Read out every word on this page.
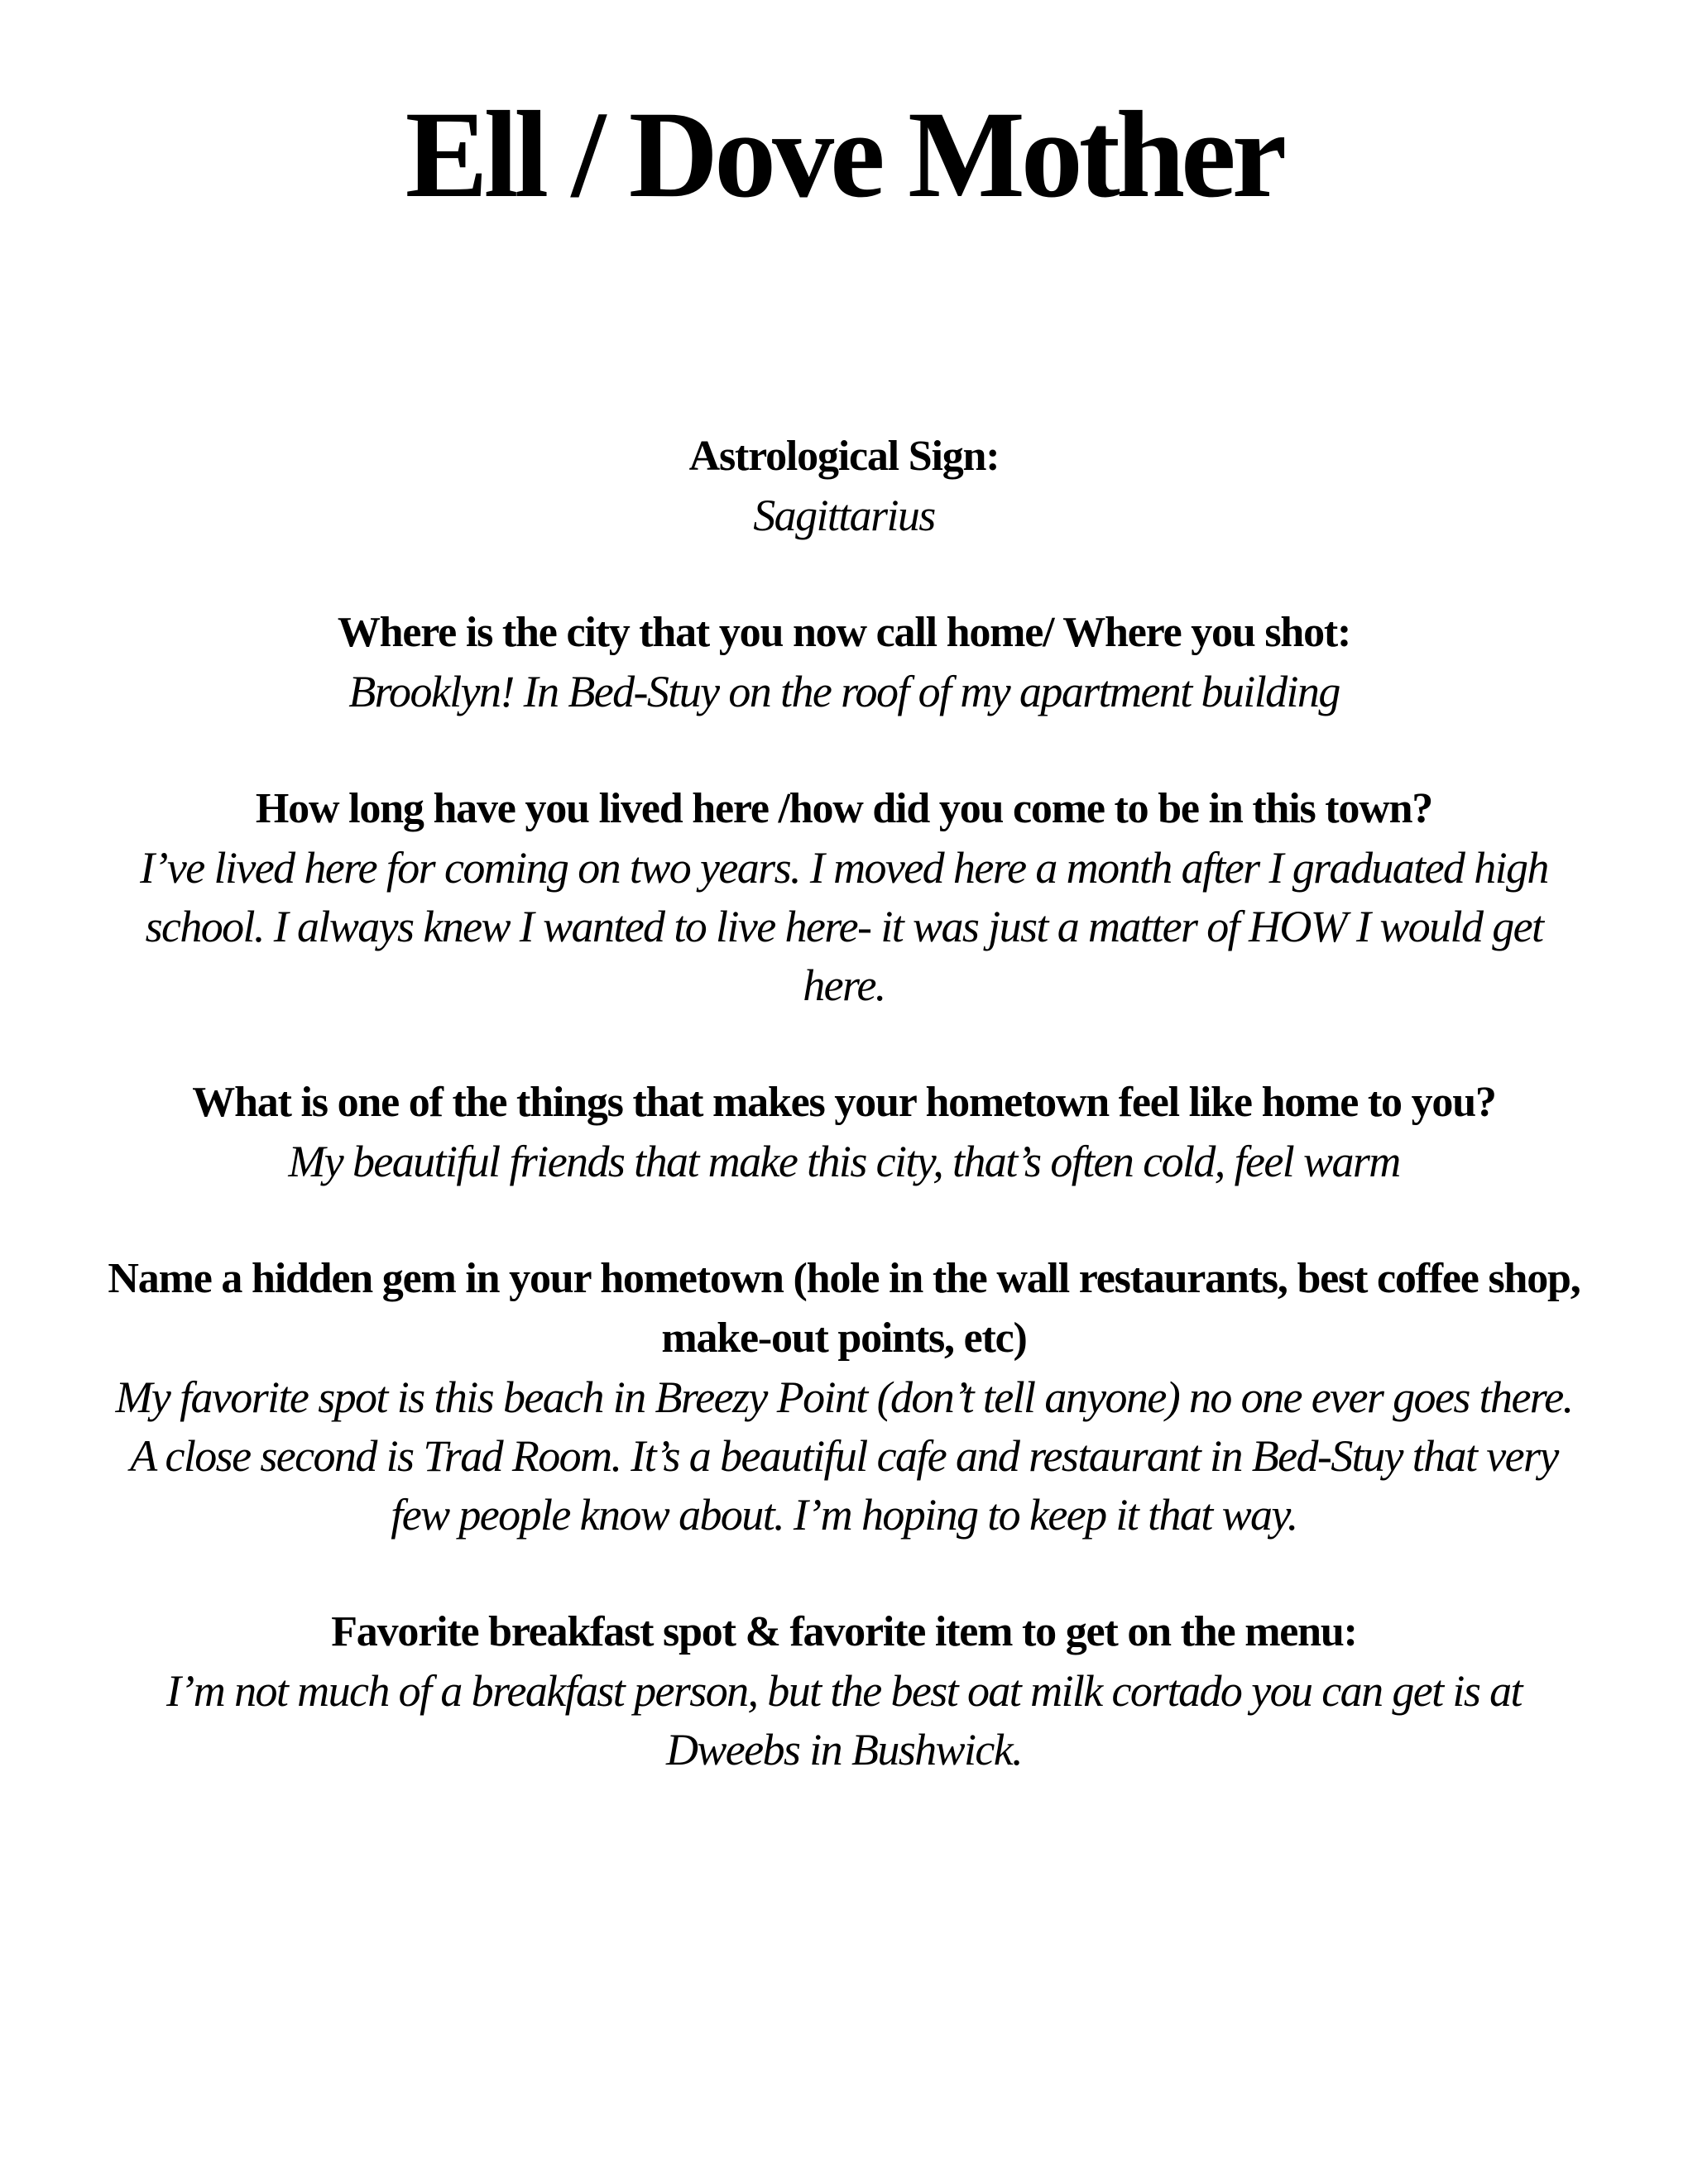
Ell / Dove Mother

Astrological Sign:

Sagittarius

Where is the city that you now call home/ Where you shot:

Brooklyn! In Bed-Stuy on the roof of my apartment building

How long have you lived here /how did you come to be in this town?

I’ve lived here for coming on two years. I moved here a month after I graduated high school. I always knew I wanted to live here- it was just a matter of HOW I would get here.

What is one of the things that makes your hometown feel like home to you?

My beautiful friends that make this city, that’s often cold, feel warm

Name a hidden gem in your hometown (hole in the wall restaurants, best coffee shop, make-out points, etc)

My favorite spot is this beach in Breezy Point (don’t tell anyone) no one ever goes there. A close second is Trad Room. It’s a beautiful cafe and restaurant in Bed-Stuy that very few people know about. I’m hoping to keep it that way.

Favorite breakfast spot & favorite item to get on the menu:

I’m not much of a breakfast person, but the best oat milk cortado you can get is at Dweebs in Bushwick.
